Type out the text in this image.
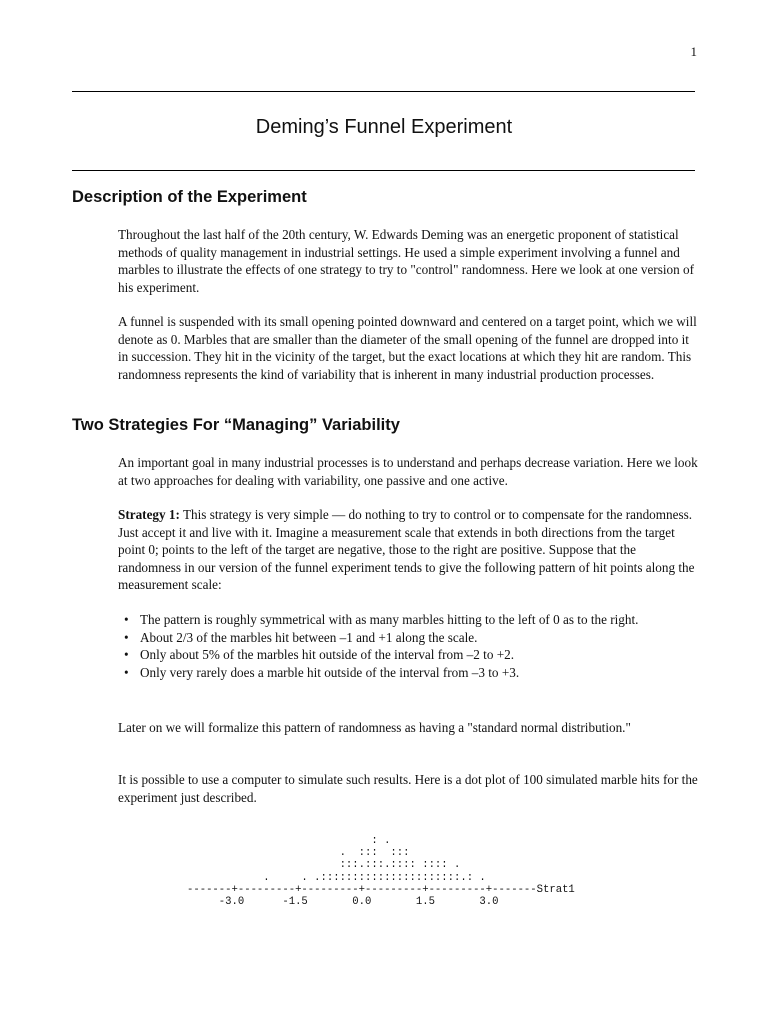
1
Deming’s Funnel Experiment
Description of the Experiment

Throughout the last half of the 20th century, W. Edwards Deming was an energetic proponent of statistical methods of quality management in industrial settings. He used a simple experiment involving a funnel and marbles to illustrate the effects of one strategy to try to "control" randomness. Here we look at one version of his experiment.

A funnel is suspended with its small opening pointed downward and centered on a target point, which we will denote as 0. Marbles that are smaller than the diameter of the small opening of the funnel are dropped into it in succession. They hit in the vicinity of the target, but the exact locations at which they hit are random. This randomness represents the kind of variability that is inherent in many industrial production processes.

Two Strategies For “Managing” Variability

An important goal in many industrial processes is to understand and perhaps decrease variation. Here we look at two approaches for dealing with variability, one passive and one active.

Strategy 1: This strategy is very simple — do nothing to try to control or to compensate for the randomness. Just accept it and live with it. Imagine a measurement scale that extends in both directions from the target point 0; points to the left of the target are negative, those to the right are positive. Suppose that the randomness in our version of the funnel experiment tends to give the following pattern of hit points along the measurement scale:

• The pattern is roughly symmetrical with as many marbles hitting to the left of 0 as to the right.
• About 2/3 of the marbles hit between –1 and +1 along the scale.
• Only about 5% of the marbles hit outside of the interval from –2 to +2.
• Only very rarely does a marble hit outside of the interval from –3 to +3.

Later on we will formalize this pattern of randomness as having a "standard normal distribution."

It is possible to use a computer to simulate such results. Here is a dot plot of 100 simulated marble hits for the experiment just described.

: .
.  :::  :::
:::.:::.:::: :::: .
.     . .::::::::::::::::::::::.: .
-------+---------+---------+---------+---------+-------Strat1
-3.0      -1.5       0.0       1.5       3.0
